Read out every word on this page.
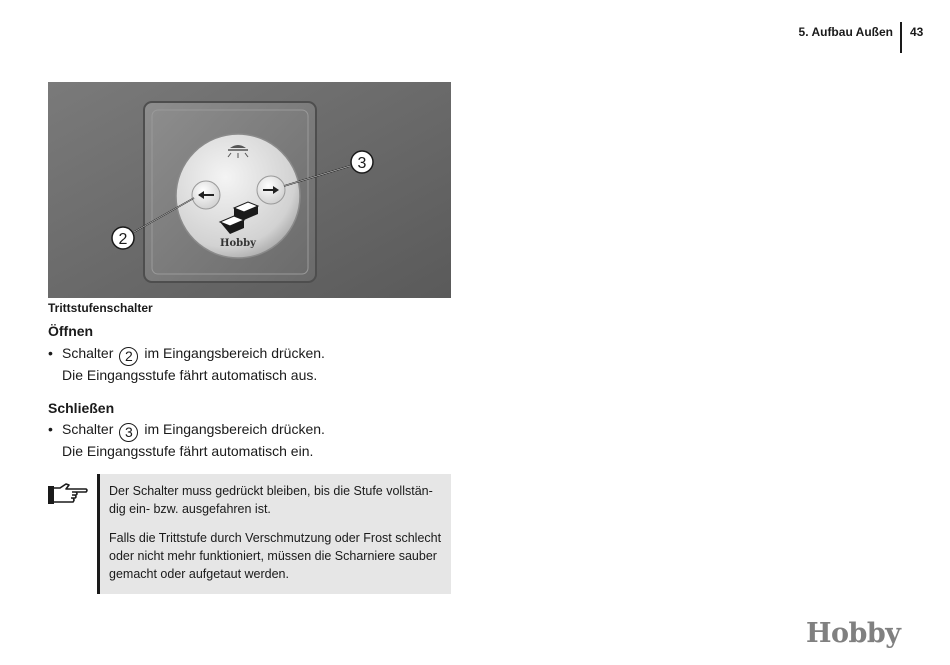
5. Aufbau Außen 43
Hobby
2
3
Trittstufenschalter
Öffnen
• Schalter 2 im Eingangsbereich drücken.
Die Eingangsstufe fährt automatisch aus.
Schließen
• Schalter 3 im Eingangsbereich drücken.
Die Eingangsstufe fährt automatisch ein.
Der Schalter muss gedrückt bleiben, bis die Stufe vollstän-
dig ein- bzw. ausgefahren ist.
Falls die Trittstufe durch Verschmutzung oder Frost schlecht
oder nicht mehr funktioniert, müssen die Scharniere sauber
gemacht oder aufgetaut werden.
Hobby
